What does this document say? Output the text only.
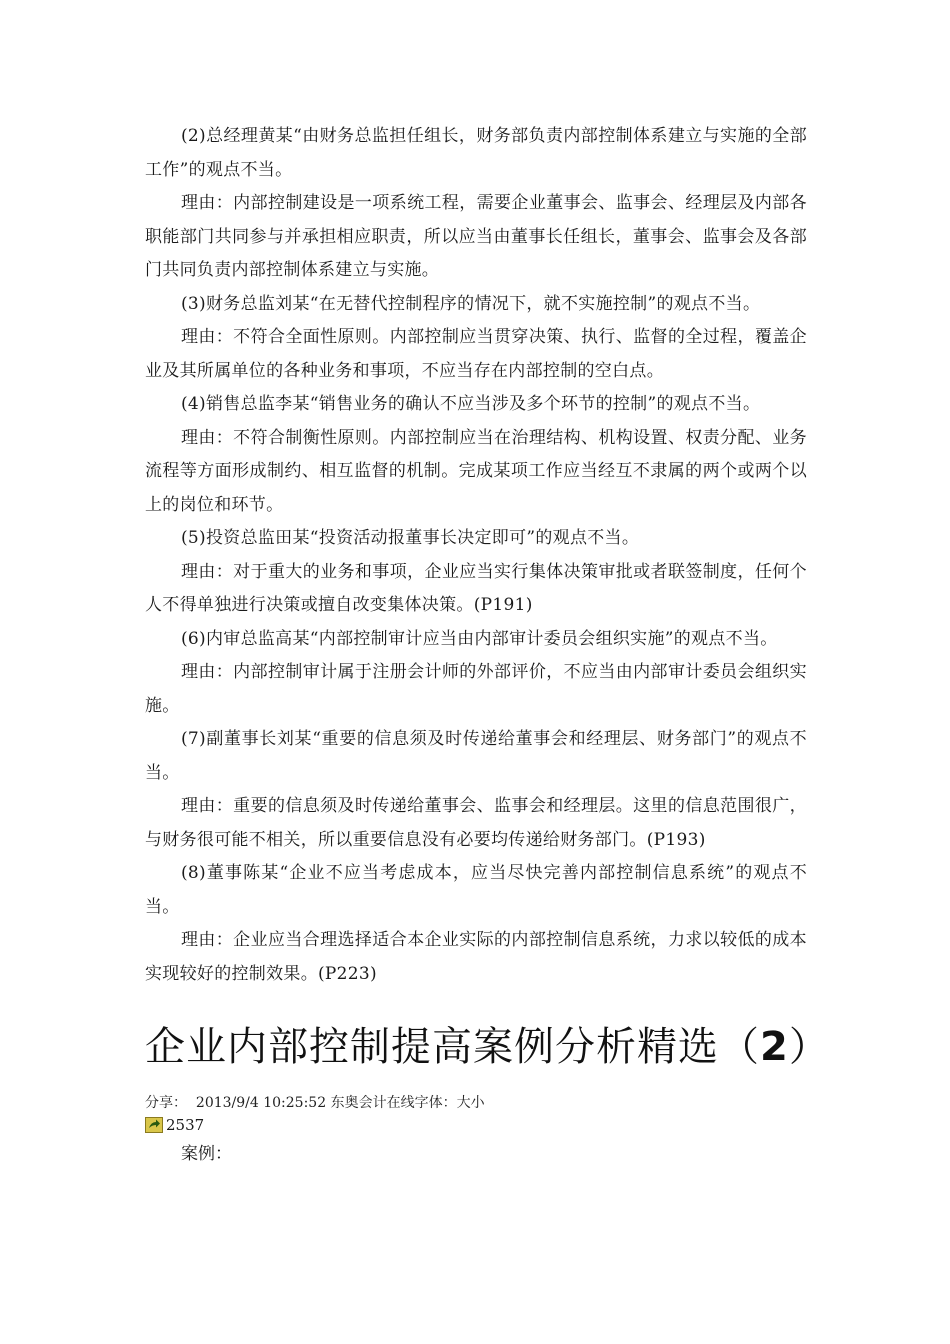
(2)总经理黄某“由财务总监担任组长，财务部负责内部控制体系建立与实施的全部工作”的观点不当。

理由：内部控制建设是一项系统工程，需要企业董事会、监事会、经理层及内部各职能部门共同参与并承担相应职责，所以应当由董事长任组长，董事会、监事会及各部门共同负责内部控制体系建立与实施。

(3)财务总监刘某“在无替代控制程序的情况下，就不实施控制”的观点不当。

理由：不符合全面性原则。内部控制应当贯穿决策、执行、监督的全过程，覆盖企业及其所属单位的各种业务和事项，不应当存在内部控制的空白点。

(4)销售总监李某“销售业务的确认不应当涉及多个环节的控制”的观点不当。

理由：不符合制衡性原则。内部控制应当在治理结构、机构设置、权责分配、业务流程等方面形成制约、相互监督的机制。完成某项工作应当经互不隶属的两个或两个以上的岗位和环节。

(5)投资总监田某“投资活动报董事长决定即可”的观点不当。

理由：对于重大的业务和事项，企业应当实行集体决策审批或者联签制度，任何个人不得单独进行决策或擅自改变集体决策。(P191)

(6)内审总监高某“内部控制审计应当由内部审计委员会组织实施”的观点不当。

理由：内部控制审计属于注册会计师的外部评价，不应当由内部审计委员会组织实施。

(7)副董事长刘某“重要的信息须及时传递给董事会和经理层、财务部门”的观点不当。

理由：重要的信息须及时传递给董事会、监事会和经理层。这里的信息范围很广，与财务很可能不相关，所以重要信息没有必要均传递给财务部门。(P193)

(8)董事陈某“企业不应当考虑成本，应当尽快完善内部控制信息系统”的观点不当。

理由：企业应当合理选择适合本企业实际的内部控制信息系统，力求以较低的成本实现较好的控制效果。(P223)

企业内部控制提高案例分析精选（2）
分享： 2013/9/4 10:25:52 东奥会计在线字体：大小
2537
案例：
